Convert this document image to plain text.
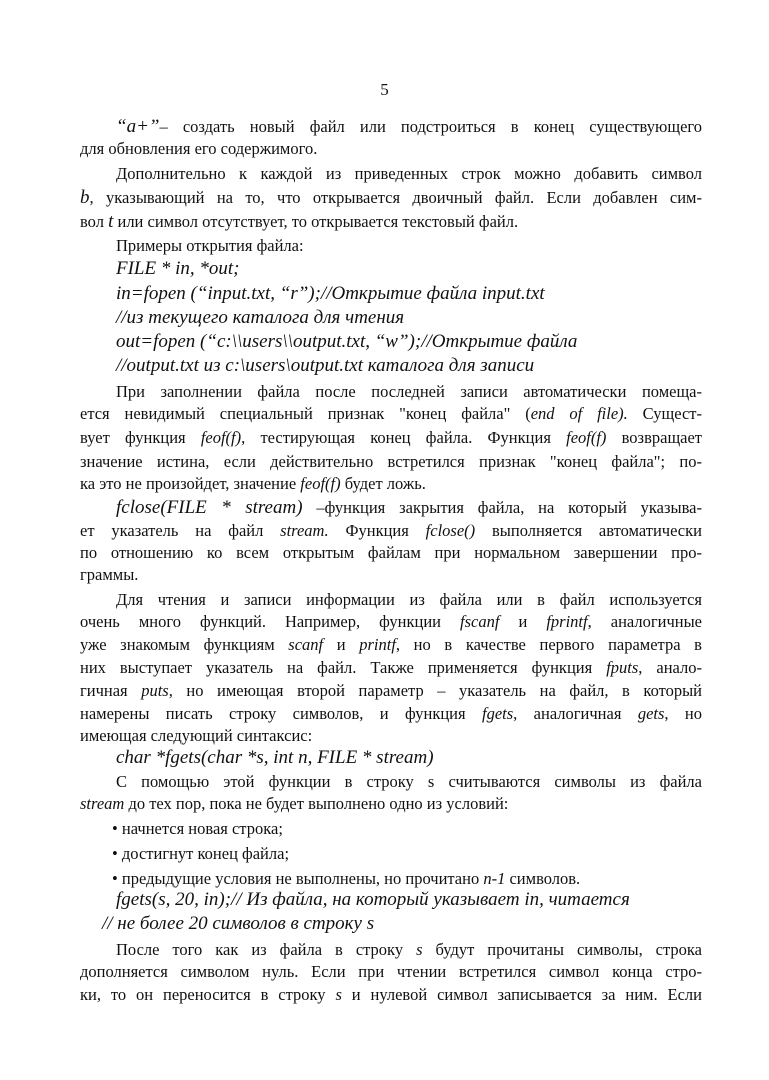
5
“a+”– создать новый файл или подстроиться в конец существующего
для обновления его содержимого.
Дополнительно к каждой из приведенных строк можно добавить символ
b, указывающий на то, что открывается двоичный файл. Если добавлен сим-
вол t или символ отсутствует, то открывается текстовый файл.
Примеры открытия файла:
FILE * in, *out;
in=fopen (“input.txt, “r”);//Открытие файла input.txt
//из текущего каталога для чтения
out=fopen (“c:\\users\\output.txt, “w”);//Открытие файла
//output.txt из c:\users\output.txt каталога для записи
При заполнении файла после последней записи автоматически помеща-
ется невидимый специальный признак "конец файла" (end of file). Сущест-
вует функция feof(f), тестирующая конец файла. Функция feof(f) возвращает
значение истина, если действительно встретился признак "конец файла"; по-
ка это не произойдет, значение feof(f) будет ложь.
fclose(FILE * stream) –функция закрытия файла, на который указыва-
ет указатель на файл stream. Функция fclose() выполняется автоматически
по отношению ко всем открытым файлам при нормальном завершении про-
граммы.
Для чтения и записи информации из файла или в файл используется
очень много функций. Например, функции fscanf и fprintf, аналогичные
уже знакомым функциям scanf и printf, но в качестве первого параметра в
них выступает указатель на файл. Также применяется функция fputs, анало-
гичная puts, но имеющая второй параметр – указатель на файл, в который
намерены писать строку символов, и функция fgets, аналогичная gets, но
имеющая следующий синтаксис:
char *fgets(char *s, int n, FILE * stream)
С помощью этой функции в строку s считываются символы из файла
stream до тех пор, пока не будет выполнено одно из условий:
• начнется новая строка;
• достигнут конец файла;
• предыдущие условия не выполнены, но прочитано n-1 символов.
fgets(s, 20, in);// Из файла, на который указывает in, читается
// не более 20 символов в строку s
После того как из файла в строку s будут прочитаны символы, строка
дополняется символом нуль. Если при чтении встретился символ конца стро-
ки, то он переносится в строку s и нулевой символ записывается за ним. Если
